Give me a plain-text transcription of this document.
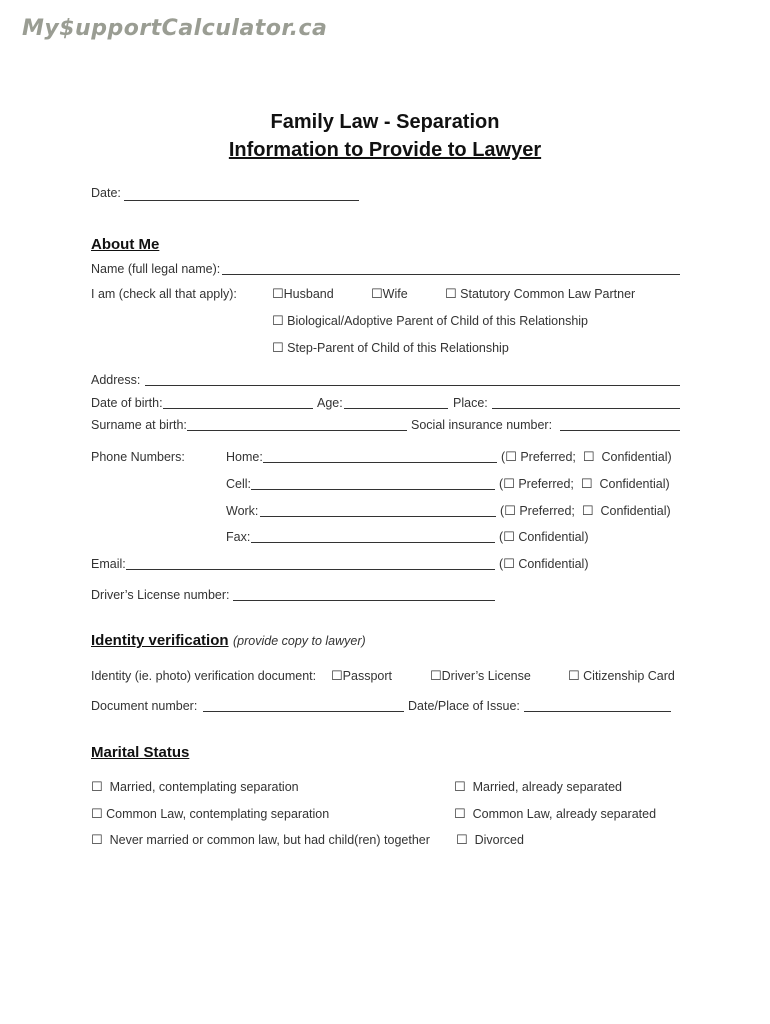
My$upportCalculator.ca
Family Law - Separation
Information to Provide to Lawyer
Date:
About Me
Name (full legal name):
I am (check all that apply):	☐Husband	☐Wife	☐ Statutory Common Law Partner
☐ Biological/Adoptive Parent of Child of this Relationship
☐ Step-Parent of Child of this Relationship
Address:
Date of birth:	Age:	Place:
Surname at birth:	Social insurance number:
Phone Numbers:	Home:	(☐ Preferred; ☐ Confidential)
Cell:	(☐ Preferred; ☐ Confidential)
Work:	(☐ Preferred; ☐ Confidential)
Fax:	(☐ Confidential)
Email:	(☐ Confidential)
Driver’s License number:
Identity verification (provide copy to lawyer)
Identity (ie. photo) verification document: ☐Passport	☐Driver’s License	☐ Citizenship Card
Document number:	Date/Place of Issue:
Marital Status
☐ Married, contemplating separation	☐ Married, already separated
☐ Common Law, contemplating separation	☐ Common Law, already separated
☐ Never married or common law, but had child(ren) together ☐ Divorced
